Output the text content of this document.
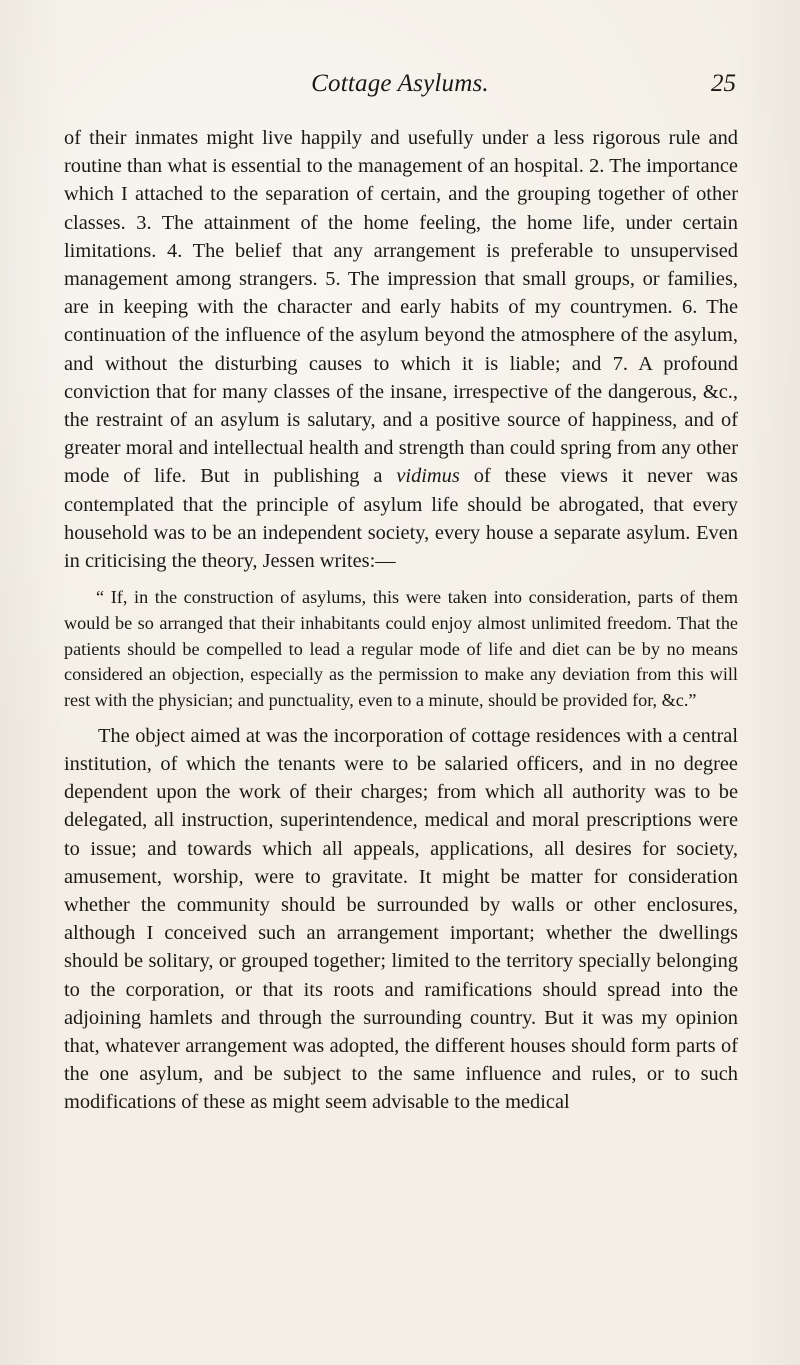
Cottage Asylums.	25

of their inmates might live happily and usefully under a less rigorous rule and routine than what is essential to the management of an hospital. 2. The importance which I attached to the separation of certain, and the grouping together of other classes. 3. The attainment of the home feeling, the home life, under certain limitations. 4. The belief that any arrangement is preferable to unsupervised management among strangers. 5. The impression that small groups, or families, are in keeping with the character and early habits of my countrymen. 6. The continuation of the influence of the asylum beyond the atmosphere of the asylum, and without the disturbing causes to which it is liable; and 7. A profound conviction that for many classes of the insane, irrespective of the dangerous, &c., the restraint of an asylum is salutary, and a positive source of happiness, and of greater moral and intellectual health and strength than could spring from any other mode of life. But in publishing a vidimus of these views it never was contemplated that the principle of asylum life should be abrogated, that every household was to be an independent society, every house a separate asylum. Even in criticising the theory, Jessen writes:—

“ If, in the construction of asylums, this were taken into consideration, parts of them would be so arranged that their inhabitants could enjoy almost unlimited freedom. That the patients should be compelled to lead a regular mode of life and diet can be by no means considered an objection, especially as the permission to make any deviation from this will rest with the physician; and punctuality, even to a minute, should be provided for, &c.”

The object aimed at was the incorporation of cottage residences with a central institution, of which the tenants were to be salaried officers, and in no degree dependent upon the work of their charges; from which all authority was to be delegated, all instruction, superintendence, medical and moral prescriptions were to issue; and towards which all appeals, applications, all desires for society, amusement, worship, were to gravitate. It might be matter for consideration whether the community should be surrounded by walls or other enclosures, although I conceived such an arrangement important; whether the dwellings should be solitary, or grouped together; limited to the territory specially belonging to the corporation, or that its roots and ramifications should spread into the adjoining hamlets and through the surrounding country. But it was my opinion that, whatever arrangement was adopted, the different houses should form parts of the one asylum, and be subject to the same influence and rules, or to such modifications of these as might seem advisable to the medical
